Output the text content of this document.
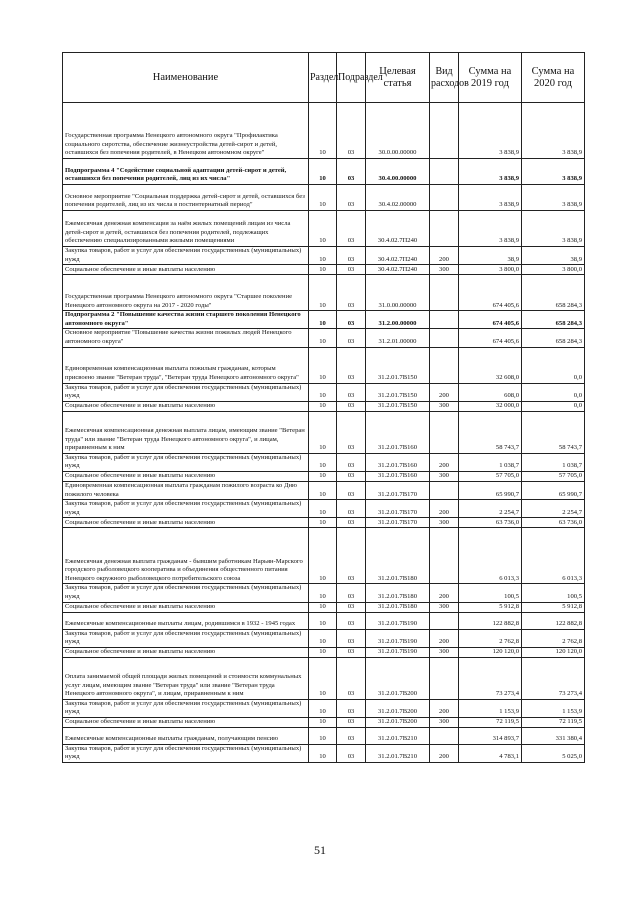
Наименование	Раздел	Подраздел	Целевая статья	Вид расходов	Сумма на 2019 год	Сумма на 2020 год
Государственная программа Ненецкого автономного округа "Профилактика социального сиротства, обеспечение жизнеустройства детей-сирот и детей, оставшихся без попечения родителей, в Ненецком автономном округе"	10	03	30.0.00.00000		3 838,9	3 838,9
Подпрограмма 4 "Содействие социальной адаптации детей-сирот и детей, оставшихся без попечения родителей, лиц из их числа"	10	03	30.4.00.00000		3 838,9	3 838,9
Основное мероприятие "Социальная поддержка детей-сирот и детей, оставшихся без попечения родителей, лиц из их числа в постинтернатный период"	10	03	30.4.02.00000		3 838,9	3 838,9
Ежемесячная денежная компенсация за наём жилых помещений лицам из числа детей-сирот и детей, оставшихся без попечения родителей, подлежащих обеспечению специализированными жилыми помещениями	10	03	30.4.02.7П240		3 838,9	3 838,9
Закупка товаров, работ и услуг для обеспечения государственных (муниципальных) нужд	10	03	30.4.02.7П240	200	38,9	38,9
Социальное обеспечение и иные выплаты населению	10	03	30.4.02.7П240	300	3 800,0	3 800,0
Государственная программа Ненецкого автономного округа "Старшее поколение Ненецкого автономного округа на 2017 - 2020 годы"	10	03	31.0.00.00000		674 405,6	658 284,3
Подпрограмма 2 "Повышение качества жизни старшего поколения Ненецкого автономного округа"	10	03	31.2.00.00000		674 405,6	658 284,3
Основное мероприятие "Повышение качества жизни пожилых людей Ненецкого автономного округа"	10	03	31.2.01.00000		674 405,6	658 284,3
Единовременная компенсационная выплата пожилым гражданам, которым присвоено звание "Ветеран труда", "Ветеран труда Ненецкого автономного округа"	10	03	31.2.01.7В150		32 608,0	0,0
Закупка товаров, работ и услуг для обеспечения государственных (муниципальных) нужд	10	03	31.2.01.7В150	200	608,0	0,0
Социальное обеспечение и иные выплаты населению	10	03	31.2.01.7В150	300	32 000,0	0,0
Ежемесячная компенсационная денежная выплата лицам, имеющим звание "Ветеран труда" или звание "Ветеран труда Ненецкого автономного округа", и лицам, приравненным к ним	10	03	31.2.01.7В160		58 743,7	58 743,7
Закупка товаров, работ и услуг для обеспечения государственных (муниципальных) нужд	10	03	31.2.01.7В160	200	1 038,7	1 038,7
Социальное обеспечение и иные выплаты населению	10	03	31.2.01.7В160	300	57 705,0	57 705,0
Единовременная компенсационная выплата гражданам пожилого возраста ко Дню пожилого человека	10	03	31.2.01.7В170		65 990,7	65 990,7
Закупка товаров, работ и услуг для обеспечения государственных (муниципальных) нужд	10	03	31.2.01.7В170	200	2 254,7	2 254,7
Социальное обеспечение и иные выплаты населению	10	03	31.2.01.7В170	300	63 736,0	63 736,0
Ежемесячная денежная выплата гражданам - бывшим работникам Нарьян-Марского городского рыболовецкого кооператива и объединения общественного питания Ненецкого окружного рыболовецкого потребительского союза	10	03	31.2.01.7В180		6 013,3	6 013,3
Закупка товаров, работ и услуг для обеспечения государственных (муниципальных) нужд	10	03	31.2.01.7В180	200	100,5	100,5
Социальное обеспечение и иные выплаты населению	10	03	31.2.01.7В180	300	5 912,8	5 912,8
Ежемесячные компенсационные выплаты лицам, родившимся в 1932 - 1945 годах	10	03	31.2.01.7В190		122 882,8	122 882,8
Закупка товаров, работ и услуг для обеспечения государственных (муниципальных) нужд	10	03	31.2.01.7В190	200	2 762,8	2 762,8
Социальное обеспечение и иные выплаты населению	10	03	31.2.01.7В190	300	120 120,0	120 120,0
Оплата занимаемой общей площади жилых помещений и стоимости коммунальных услуг лицам, имеющим звание "Ветеран труда" или звание "Ветеран труда Ненецкого автономного округа", и лицам, приравненным к ним	10	03	31.2.01.7В200		73 273,4	73 273,4
Закупка товаров, работ и услуг для обеспечения государственных (муниципальных) нужд	10	03	31.2.01.7В200	200	1 153,9	1 153,9
Социальное обеспечение и иные выплаты населению	10	03	31.2.01.7В200	300	72 119,5	72 119,5
Ежемесячные компенсационные выплаты гражданам, получающим пенсию	10	03	31.2.01.7В210		314 893,7	331 380,4
Закупка товаров, работ и услуг для обеспечения государственных (муниципальных) нужд	10	03	31.2.01.7В210	200	4 783,1	5 025,0
51
